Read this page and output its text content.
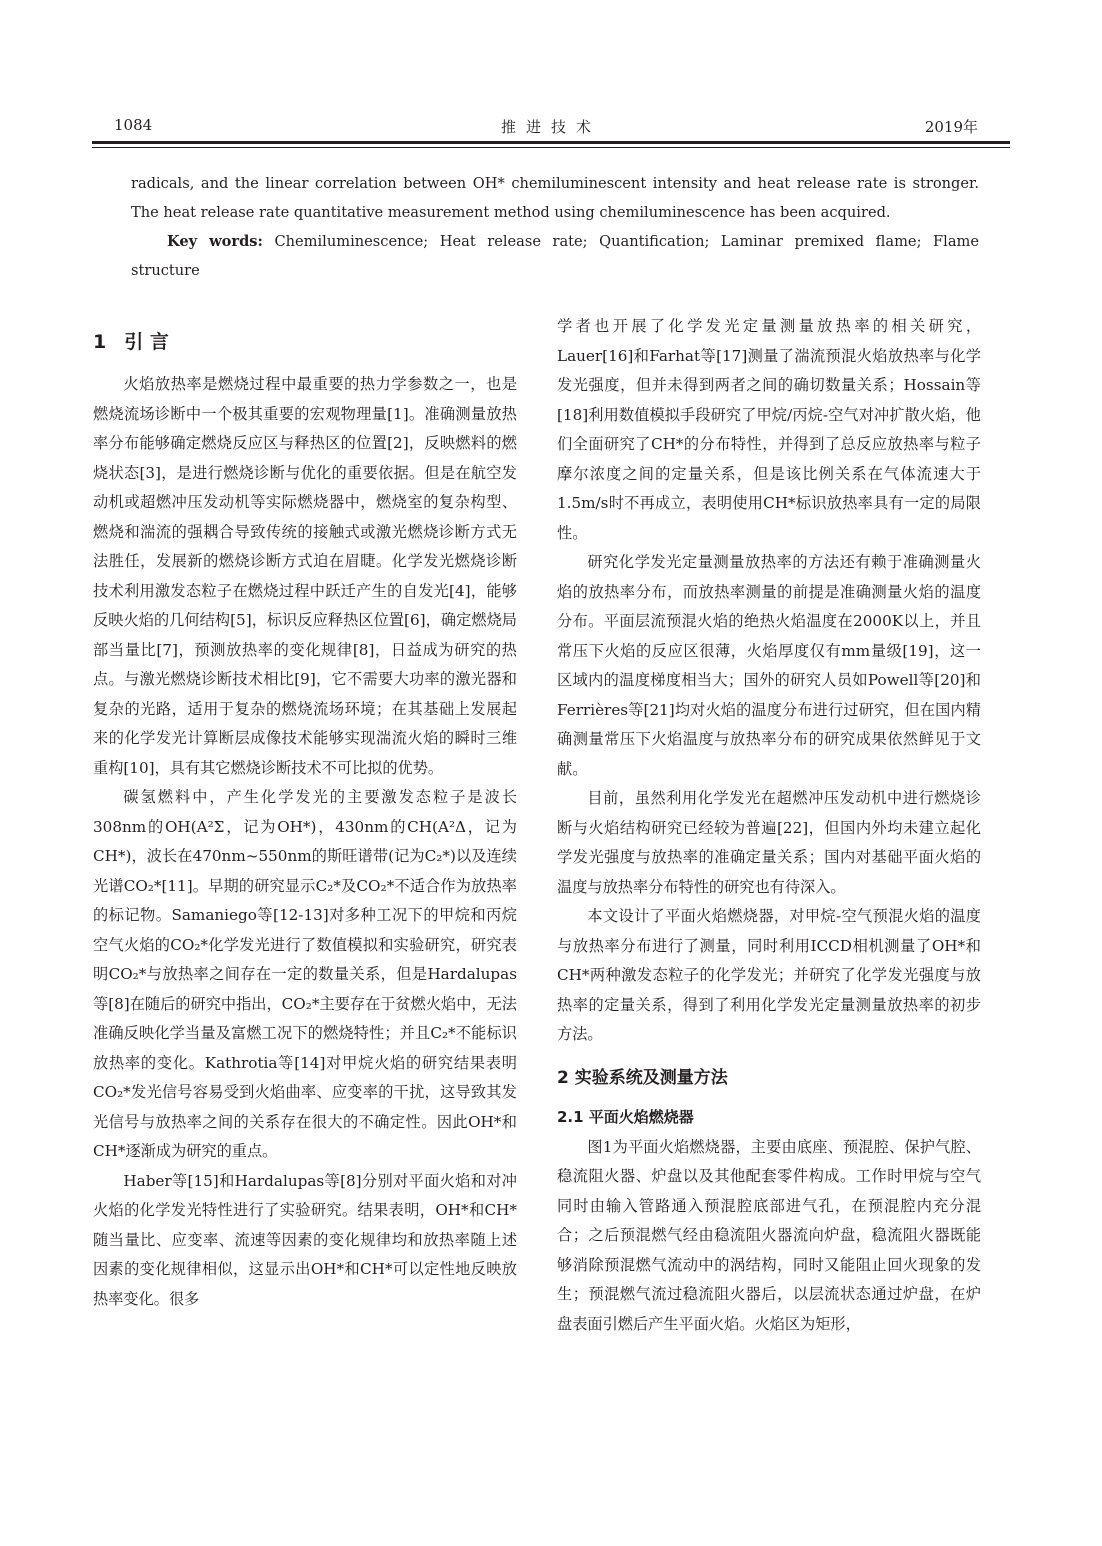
1084	推进技术	2019年
radicals, and the linear correlation between OH* chemiluminescent intensity and heat release rate is stronger. The heat release rate quantitative measurement method using chemiluminescence has been acquired.
Key words: Chemiluminescence; Heat release rate; Quantification; Laminar premixed flame; Flame structure
1 引 言

火焰放热率是燃烧过程中最重要的热力学参数之一，也是燃烧流场诊断中一个极其重要的宏观物理量[1]。准确测量放热率分布能够确定燃烧反应区与释热区的位置[2]，反映燃料的燃烧状态[3]，是进行燃烧诊断与优化的重要依据。但是在航空发动机或超燃冲压发动机等实际燃烧器中，燃烧室的复杂构型、燃烧和湍流的强耦合导致传统的接触式或激光燃烧诊断方式无法胜任，发展新的燃烧诊断方式迫在眉睫。化学发光燃烧诊断技术利用激发态粒子在燃烧过程中跃迁产生的自发光[4]，能够反映火焰的几何结构[5]，标识反应释热区位置[6]，确定燃烧局部当量比[7]，预测放热率的变化规律[8]，日益成为研究的热点。与激光燃烧诊断技术相比[9]，它不需要大功率的激光器和复杂的光路，适用于复杂的燃烧流场环境；在其基础上发展起来的化学发光计算断层成像技术能够实现湍流火焰的瞬时三维重构[10]，具有其它燃烧诊断技术不可比拟的优势。

碳氢燃料中，产生化学发光的主要激发态粒子是波长308nm的OH(A²Σ，记为OH*)，430nm的CH(A²Δ，记为CH*)，波长在470nm~550nm的斯旺谱带(记为C₂*)以及连续光谱CO₂*[11]。早期的研究显示C₂*及CO₂*不适合作为放热率的标记物。Samaniego等[12-13]对多种工况下的甲烷和丙烷空气火焰的CO₂*化学发光进行了数值模拟和实验研究，研究表明CO₂*与放热率之间存在一定的数量关系，但是Hardalupas等[8]在随后的研究中指出，CO₂*主要存在于贫燃火焰中，无法准确反映化学当量及富燃工况下的燃烧特性；并且C₂*不能标识放热率的变化。Kathrotia等[14]对甲烷火焰的研究结果表明CO₂*发光信号容易受到火焰曲率、应变率的干扰，这导致其发光信号与放热率之间的关系存在很大的不确定性。因此OH*和CH*逐渐成为研究的重点。

Haber等[15]和Hardalupas等[8]分别对平面火焰和对冲火焰的化学发光特性进行了实验研究。结果表明，OH*和CH*随当量比、应变率、流速等因素的变化规律均和放热率随上述因素的变化规律相似，这显示出OH*和CH*可以定性地反映放热率变化。很多

学者也开展了化学发光定量测量放热率的相关研究，Lauer[16]和Farhat等[17]测量了湍流预混火焰放热率与化学发光强度，但并未得到两者之间的确切数量关系；Hossain等[18]利用数值模拟手段研究了甲烷/丙烷-空气对冲扩散火焰，他们全面研究了CH*的分布特性，并得到了总反应放热率与粒子摩尔浓度之间的定量关系，但是该比例关系在气体流速大于1.5m/s时不再成立，表明使用CH*标识放热率具有一定的局限性。

研究化学发光定量测量放热率的方法还有赖于准确测量火焰的放热率分布，而放热率测量的前提是准确测量火焰的温度分布。平面层流预混火焰的绝热火焰温度在2000K以上，并且常压下火焰的反应区很薄，火焰厚度仅有mm量级[19]，这一区域内的温度梯度相当大；国外的研究人员如Powell等[20]和Ferrières等[21]均对火焰的温度分布进行过研究，但在国内精确测量常压下火焰温度与放热率分布的研究成果依然鲜见于文献。

目前，虽然利用化学发光在超燃冲压发动机中进行燃烧诊断与火焰结构研究已经较为普遍[22]，但国内外均未建立起化学发光强度与放热率的准确定量关系；国内对基础平面火焰的温度与放热率分布特性的研究也有待深入。

本文设计了平面火焰燃烧器，对甲烷-空气预混火焰的温度与放热率分布进行了测量，同时利用ICCD相机测量了OH*和CH*两种激发态粒子的化学发光；并研究了化学发光强度与放热率的定量关系，得到了利用化学发光定量测量放热率的初步方法。

2 实验系统及测量方法
2.1 平面火焰燃烧器

图1为平面火焰燃烧器，主要由底座、预混腔、保护气腔、稳流阻火器、炉盘以及其他配套零件构成。工作时甲烷与空气同时由输入管路通入预混腔底部进气孔，在预混腔内充分混合；之后预混燃气经由稳流阻火器流向炉盘，稳流阻火器既能够消除预混燃气流动中的涡结构，同时又能阻止回火现象的发生；预混燃气流过稳流阻火器后，以层流状态通过炉盘，在炉盘表面引燃后产生平面火焰。火焰区为矩形，
